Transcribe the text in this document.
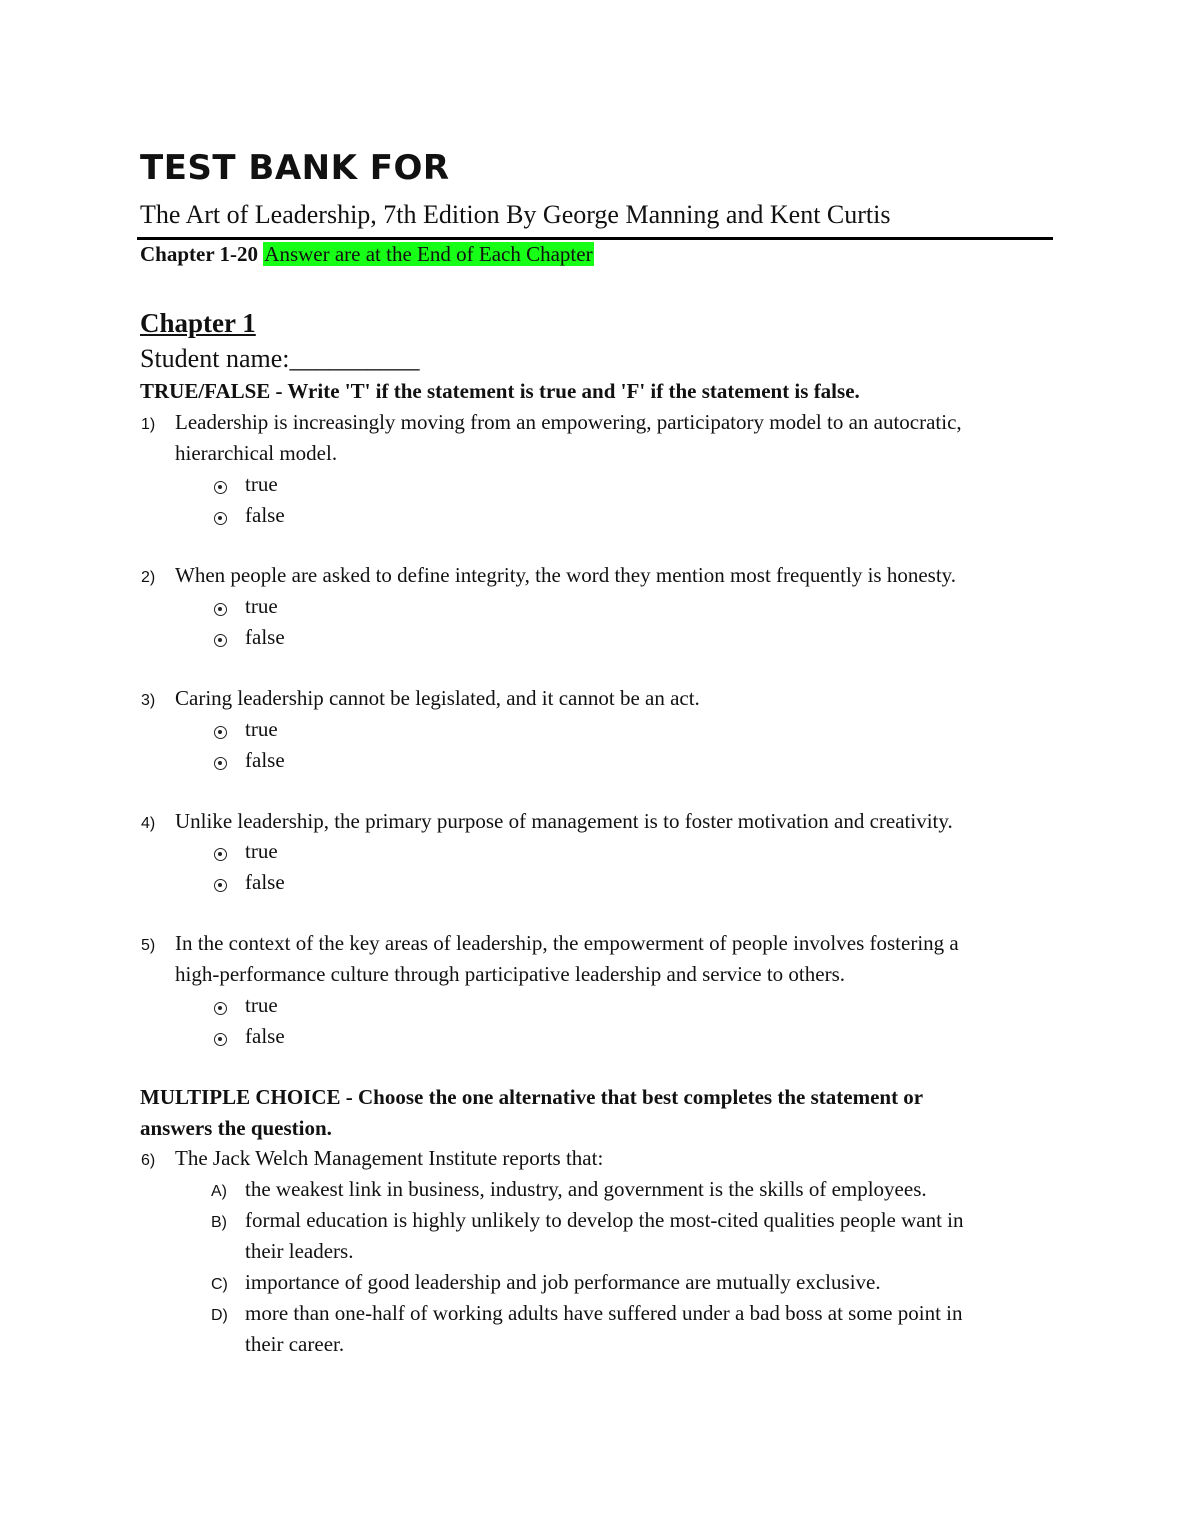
TEST BANK FOR
The Art of Leadership, 7th Edition By George Manning and Kent Curtis
Chapter 1-20 Answer are at the End of Each Chapter
Chapter 1
Student name:__________
TRUE/FALSE - Write 'T' if the statement is true and 'F' if the statement is false.
1) Leadership is increasingly moving from an empowering, participatory model to an autocratic,
hierarchical model.
true
false
2) When people are asked to define integrity, the word they mention most frequently is honesty.
true
false
3) Caring leadership cannot be legislated, and it cannot be an act.
true
false
4) Unlike leadership, the primary purpose of management is to foster motivation and creativity.
true
false
5) In the context of the key areas of leadership, the empowerment of people involves fostering a
high-performance culture through participative leadership and service to others.
true
false
MULTIPLE CHOICE - Choose the one alternative that best completes the statement or
answers the question.
6) The Jack Welch Management Institute reports that:
A) the weakest link in business, industry, and government is the skills of employees.
B) formal education is highly unlikely to develop the most-cited qualities people want in
their leaders.
C) importance of good leadership and job performance are mutually exclusive.
D) more than one-half of working adults have suffered under a bad boss at some point in
their career.
